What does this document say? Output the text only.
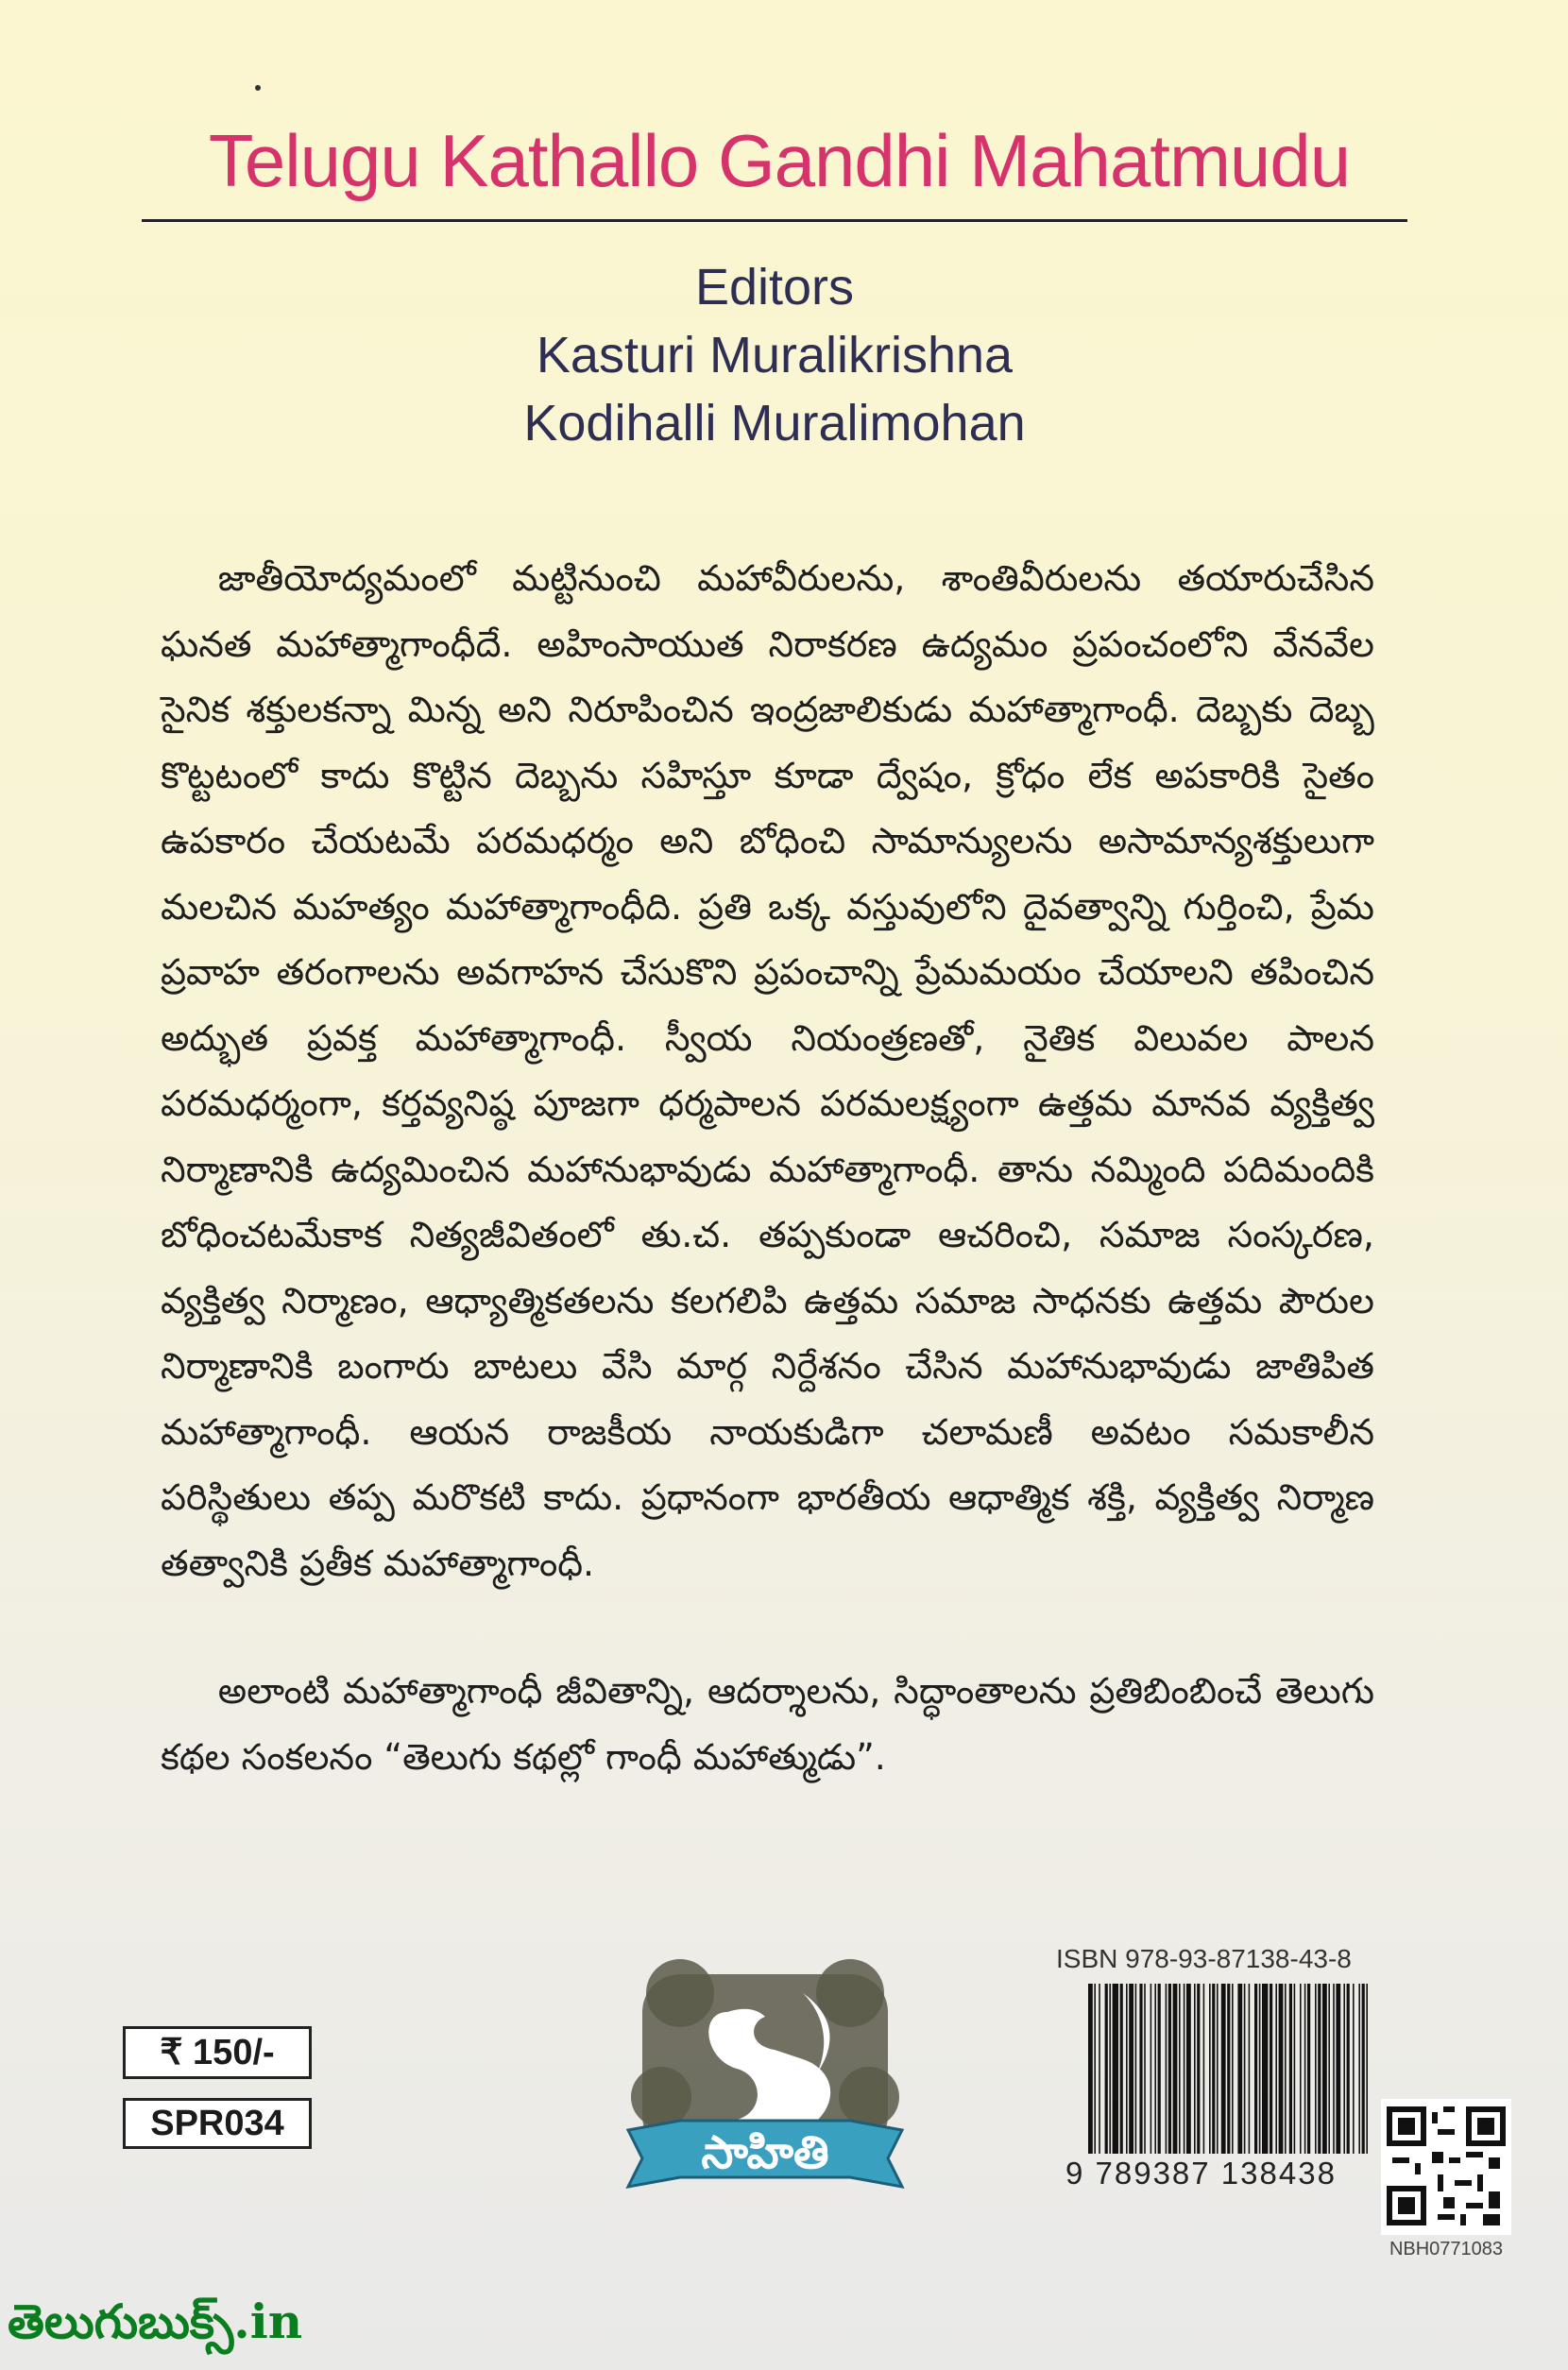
Telugu Kathallo Gandhi Mahatmudu
Editors
Kasturi Muralikrishna
Kodihalli Muralimohan

జాతీయోద్యమంలో మట్టినుంచి మహావీరులను, శాంతివీరులను తయారుచేసిన ఘనత మహాత్మాగాంధీదే. అహింసాయుత నిరాకరణ ఉద్యమం ప్రపంచంలోని వేనవేల సైనిక శక్తులకన్నా మిన్న అని నిరూపించిన ఇంద్రజాలికుడు మహాత్మాగాంధీ. దెబ్బకు దెబ్బ కొట్టటంలో కాదు కొట్టిన దెబ్బను సహిస్తూ కూడా ద్వేషం, క్రోధం లేక అపకారికి సైతం ఉపకారం చేయటమే పరమధర్మం అని బోధించి సామాన్యులను అసామాన్యశక్తులుగా మలచిన మహత్యం మహాత్మాగాంధీది. ప్రతి ఒక్క వస్తువులోని దైవత్వాన్ని గుర్తించి, ప్రేమ ప్రవాహ తరంగాలను అవగాహన చేసుకొని ప్రపంచాన్ని ప్రేమమయం చేయాలని తపించిన అద్భుత ప్రవక్త మహాత్మాగాంధీ. స్వీయ నియంత్రణతో, నైతిక విలువల పాలన పరమధర్మంగా, కర్తవ్యనిష్ఠ పూజగా ధర్మపాలన పరమలక్ష్యంగా ఉత్తమ మానవ వ్యక్తిత్వ నిర్మాణానికి ఉద్యమించిన మహానుభావుడు మహాత్మాగాంధీ. తాను నమ్మింది పదిమందికి బోధించటమేకాక నిత్యజీవితంలో తు.చ. తప్పకుండా ఆచరించి, సమాజ సంస్కరణ, వ్యక్తిత్వ నిర్మాణం, ఆధ్యాత్మికతలను కలగలిపి ఉత్తమ సమాజ సాధనకు ఉత్తమ పౌరుల నిర్మాణానికి బంగారు బాటలు వేసి మార్గ నిర్దేశనం చేసిన మహానుభావుడు జాతిపిత మహాత్మాగాంధీ. ఆయన రాజకీయ నాయకుడిగా చలామణీ అవటం సమకాలీన పరిస్థితులు తప్ప మరొకటి కాదు. ప్రధానంగా భారతీయ ఆధాత్మిక శక్తి, వ్యక్తిత్వ నిర్మాణ తత్వానికి ప్రతీక మహాత్మాగాంధీ.

అలాంటి మహాత్మాగాంధీ జీవితాన్ని, ఆదర్శాలను, సిద్ధాంతాలను ప్రతిబింబించే తెలుగు కథల సంకలనం “తెలుగు కథల్లో గాంధీ మహాత్ముడు”.

₹ 150/-
SPR034
సాహితి
ISBN 978-93-87138-43-8
9 789387 138438
NBH0771083
తెలుగుబుక్స్.in
